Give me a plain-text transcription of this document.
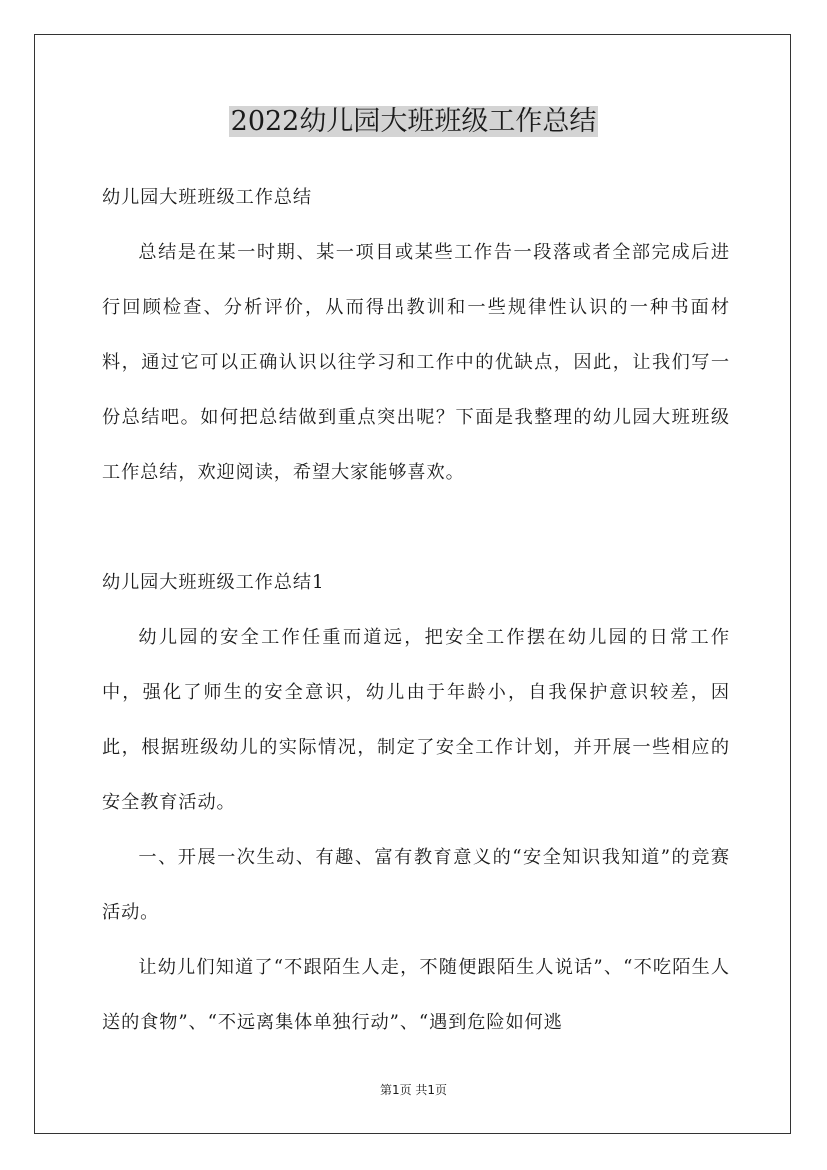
2022幼儿园大班班级工作总结

幼儿园大班班级工作总结

总结是在某一时期、某一项目或某些工作告一段落或者全部完成后进行回顾检查、分析评价，从而得出教训和一些规律性认识的一种书面材料，通过它可以正确认识以往学习和工作中的优缺点，因此，让我们写一份总结吧。如何把总结做到重点突出呢？下面是我整理的幼儿园大班班级工作总结，欢迎阅读，希望大家能够喜欢。

幼儿园大班班级工作总结1

幼儿园的安全工作任重而道远，把安全工作摆在幼儿园的日常工作中，强化了师生的安全意识，幼儿由于年龄小，自我保护意识较差，因此，根据班级幼儿的实际情况，制定了安全工作计划，并开展一些相应的安全教育活动。

一、开展一次生动、有趣、富有教育意义的“安全知识我知道”的竞赛活动。

让幼儿们知道了“不跟陌生人走，不随便跟陌生人说话”、“不吃陌生人送的食物”、“不远离集体单独行动”、“遇到危险如何逃

第1页 共1页
